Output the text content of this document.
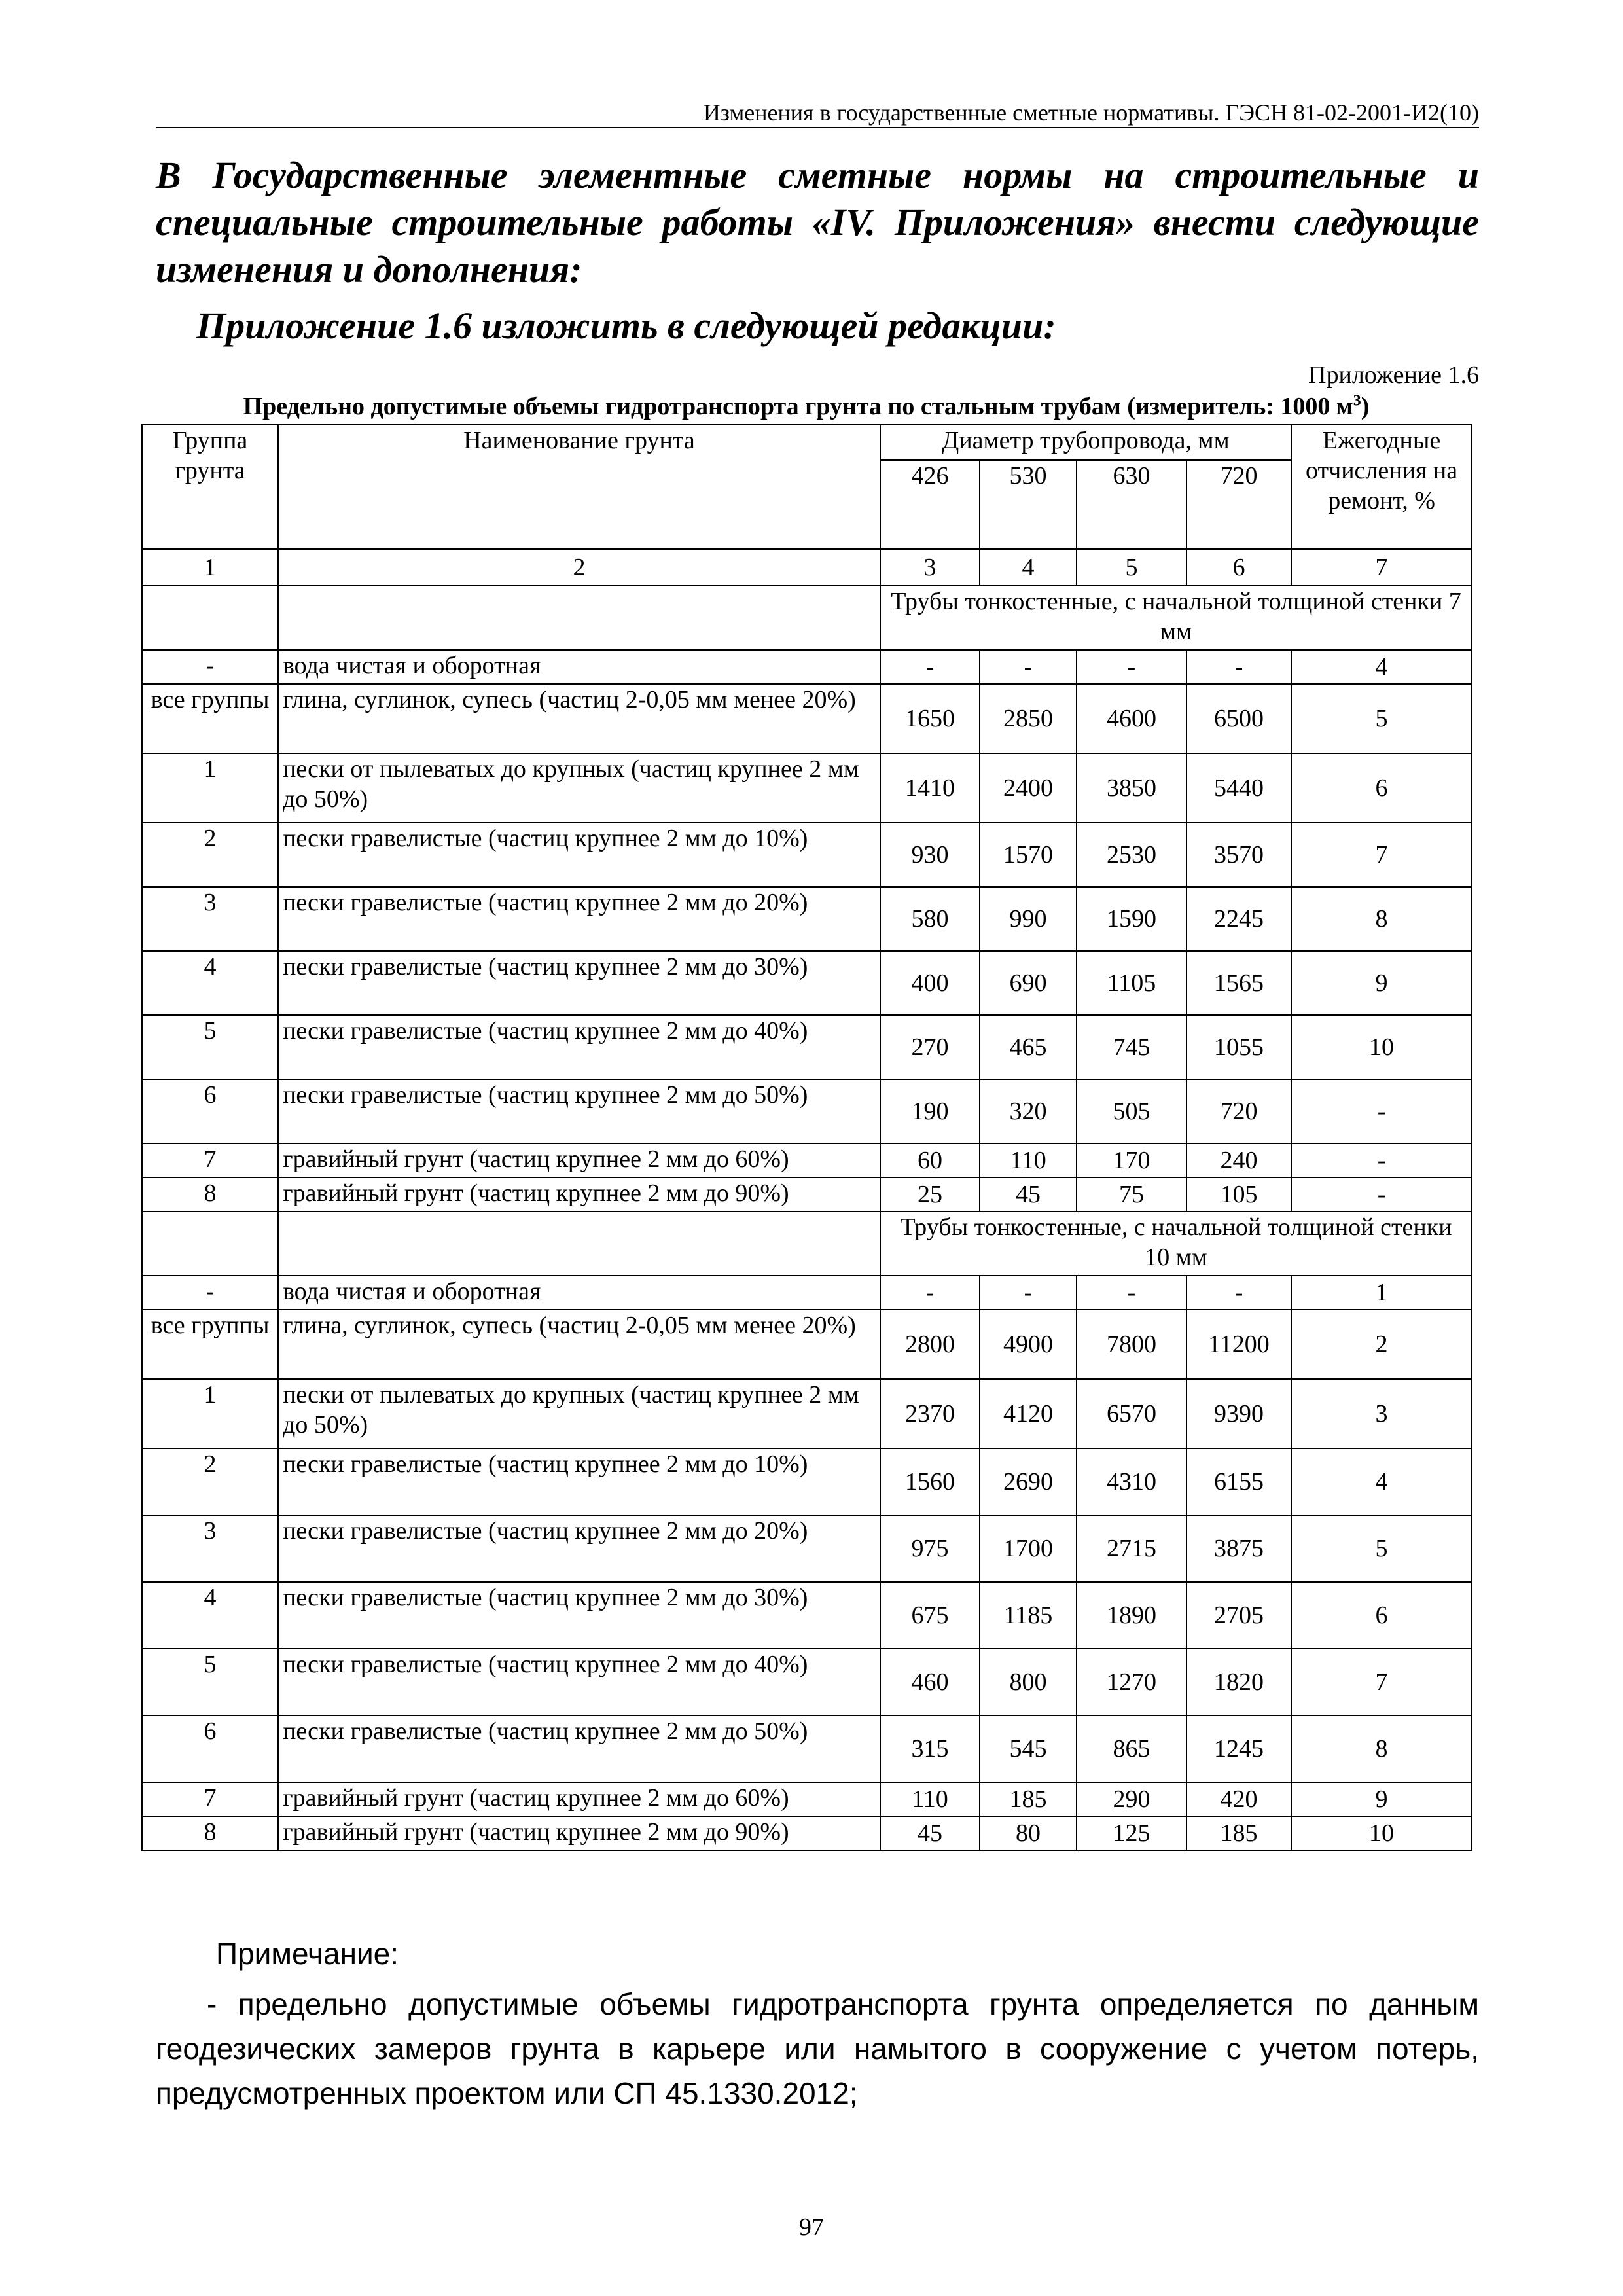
Изменения в государственные сметные нормативы. ГЭСН 81-02-2001-И2(10)

В Государственные элементные сметные нормы на строительные и специальные строительные работы «IV. Приложения» внести следующие изменения и дополнения:

Приложение 1.6 изложить в следующей редакции:

Приложение 1.6
Предельно допустимые объемы гидротранспорта грунта по стальным трубам (измеритель: 1000 $м^3$)
Группа грунта	Наименование грунта	Диаметр трубопровода, мм				Ежегодные отчисления на ремонт, %
		426	530	630	720	
1	2	3	4	5	6	7
		Трубы тонкостенные, с начальной толщиной стенки 7 мм				
-	вода чистая и оборотная	-	-	-	-	4
все группы	глина, суглинок, супесь (частиц 2-0,05 мм менее 20%)	1650	2850	4600	6500	5
1	пески от пылеватых до крупных (частиц крупнее 2 мм до 50%)	1410	2400	3850	5440	6
2	пески гравелистые (частиц крупнее 2 мм до 10%)	930	1570	2530	3570	7
3	пески гравелистые (частиц крупнее 2 мм до 20%)	580	990	1590	2245	8
4	пески гравелистые (частиц крупнее 2 мм до 30%)	400	690	1105	1565	9
5	пески гравелистые (частиц крупнее 2 мм до 40%)	270	465	745	1055	10
6	пески гравелистые (частиц крупнее 2 мм до 50%)	190	320	505	720	-
7	гравийный грунт (частиц крупнее 2 мм до 60%)	60	110	170	240	-
8	гравийный грунт (частиц крупнее 2 мм до 90%)	25	45	75	105	-
		Трубы тонкостенные, с начальной толщиной стенки 10 мм				
-	вода чистая и оборотная	-	-	-	-	1
все группы	глина, суглинок, супесь (частиц 2-0,05 мм менее 20%)	2800	4900	7800	11200	2
1	пески от пылеватых до крупных (частиц крупнее 2 мм до 50%)	2370	4120	6570	9390	3
2	пески гравелистые (частиц крупнее 2 мм до 10%)	1560	2690	4310	6155	4
3	пески гравелистые (частиц крупнее 2 мм до 20%)	975	1700	2715	3875	5
4	пески гравелистые (частиц крупнее 2 мм до 30%)	675	1185	1890	2705	6
5	пески гравелистые (частиц крупнее 2 мм до 40%)	460	800	1270	1820	7
6	пески гравелистые (частиц крупнее 2 мм до 50%)	315	545	865	1245	8
7	гравийный грунт (частиц крупнее 2 мм до 60%)	110	185	290	420	9
8	гравийный грунт (частиц крупнее 2 мм до 90%)	45	80	125	185	10
Примечание:

- предельно допустимые объемы гидротранспорта грунта определяется по данным геодезических замеров грунта в карьере или намытого в сооружение с учетом потерь, предусмотренных проектом или СП 45.1330.2012;

97
